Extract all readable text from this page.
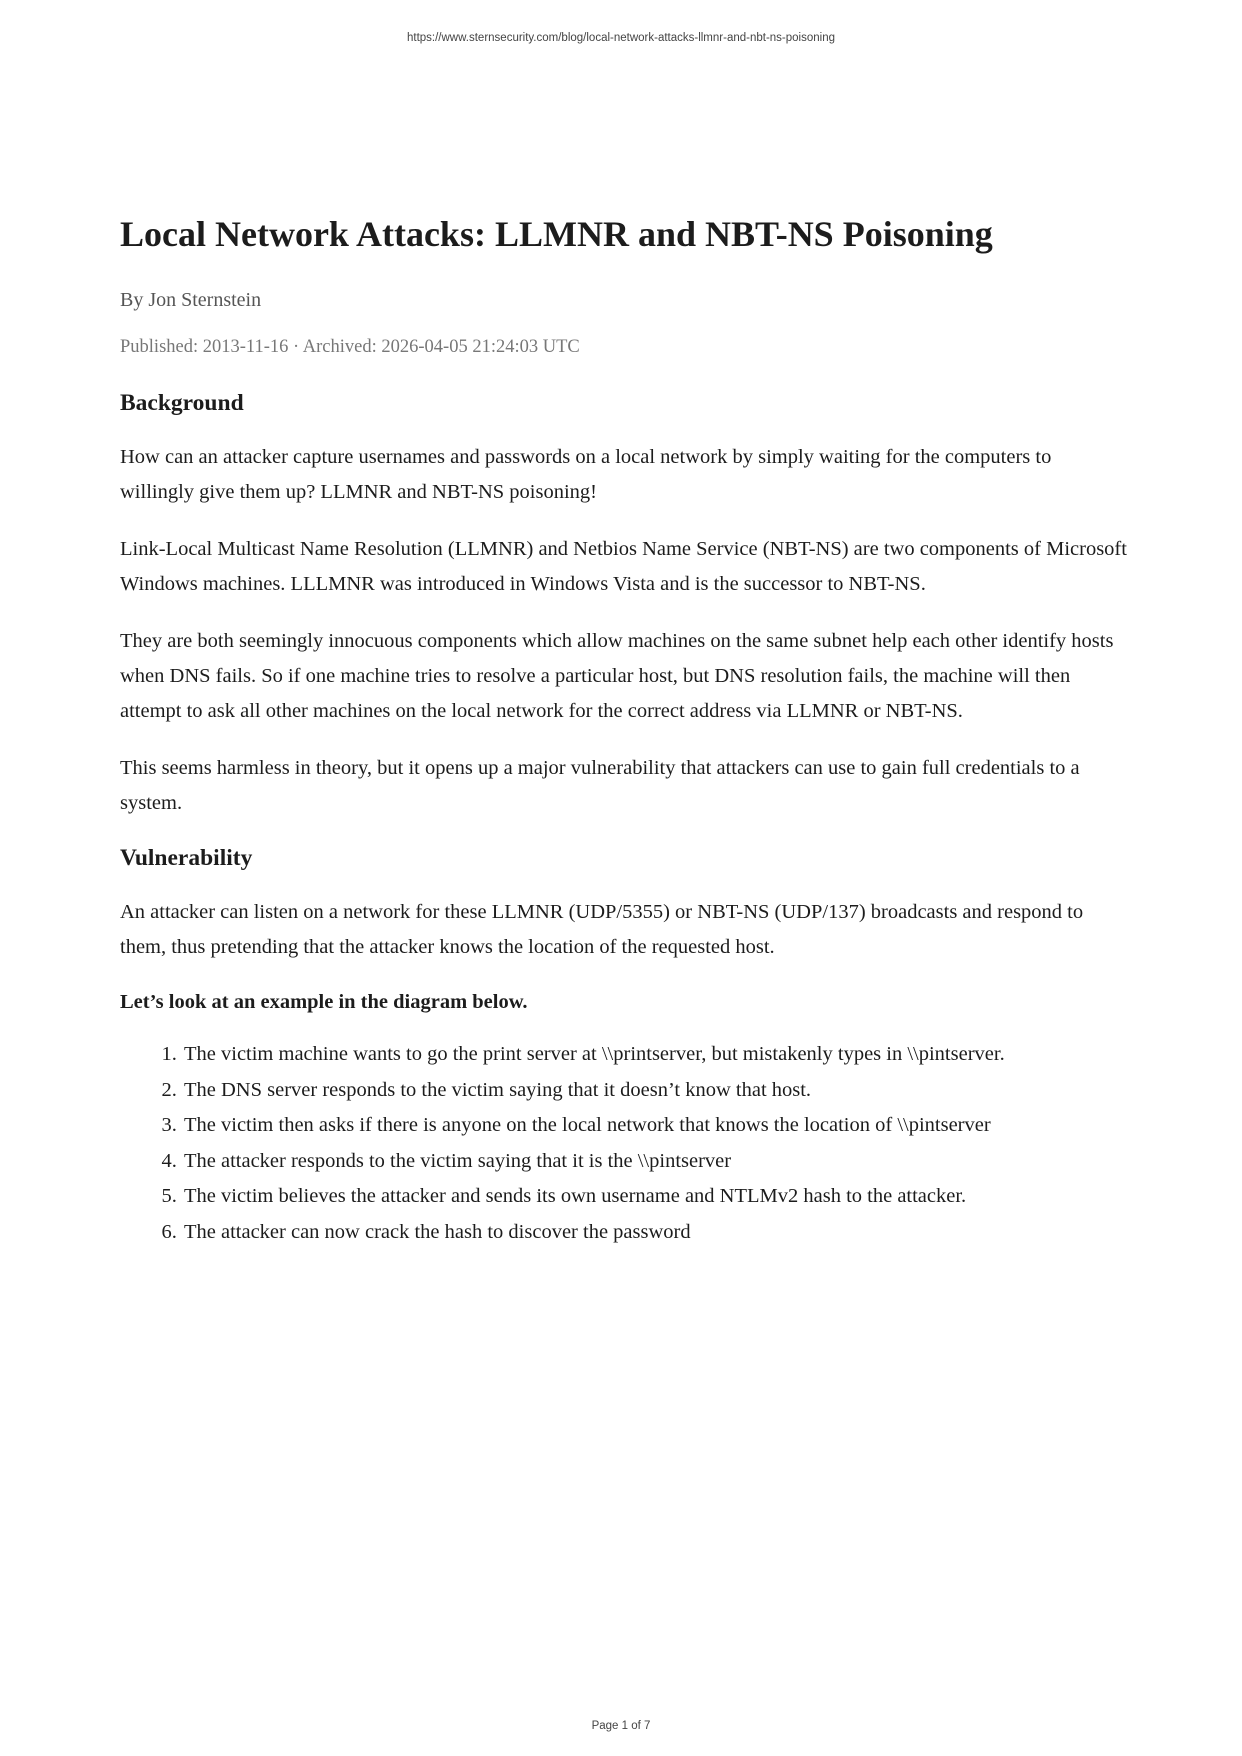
https://www.sternsecurity.com/blog/local-network-attacks-llmnr-and-nbt-ns-poisoning
Local Network Attacks: LLMNR and NBT-NS Poisoning
By Jon Sternstein
Published: 2013-11-16 · Archived: 2026-04-05 21:24:03 UTC
Background

How can an attacker capture usernames and passwords on a local network by simply waiting for the computers to willingly give them up? LLMNR and NBT-NS poisoning!

Link-Local Multicast Name Resolution (LLMNR) and Netbios Name Service (NBT-NS) are two components of Microsoft Windows machines. LLLMNR was introduced in Windows Vista and is the successor to NBT-NS.

They are both seemingly innocuous components which allow machines on the same subnet help each other identify hosts when DNS fails. So if one machine tries to resolve a particular host, but DNS resolution fails, the machine will then attempt to ask all other machines on the local network for the correct address via LLMNR or NBT-NS.

This seems harmless in theory, but it opens up a major vulnerability that attackers can use to gain full credentials to a system.

Vulnerability

An attacker can listen on a network for these LLMNR (UDP/5355) or NBT-NS (UDP/137) broadcasts and respond to them, thus pretending that the attacker knows the location of the requested host.

Let’s look at an example in the diagram below.

1. The victim machine wants to go the print server at \\printserver, but mistakenly types in \\pintserver.
2. The DNS server responds to the victim saying that it doesn’t know that host.
3. The victim then asks if there is anyone on the local network that knows the location of \\pintserver
4. The attacker responds to the victim saying that it is the \\pintserver
5. The victim believes the attacker and sends its own username and NTLMv2 hash to the attacker.
6. The attacker can now crack the hash to discover the password
Page 1 of 7
